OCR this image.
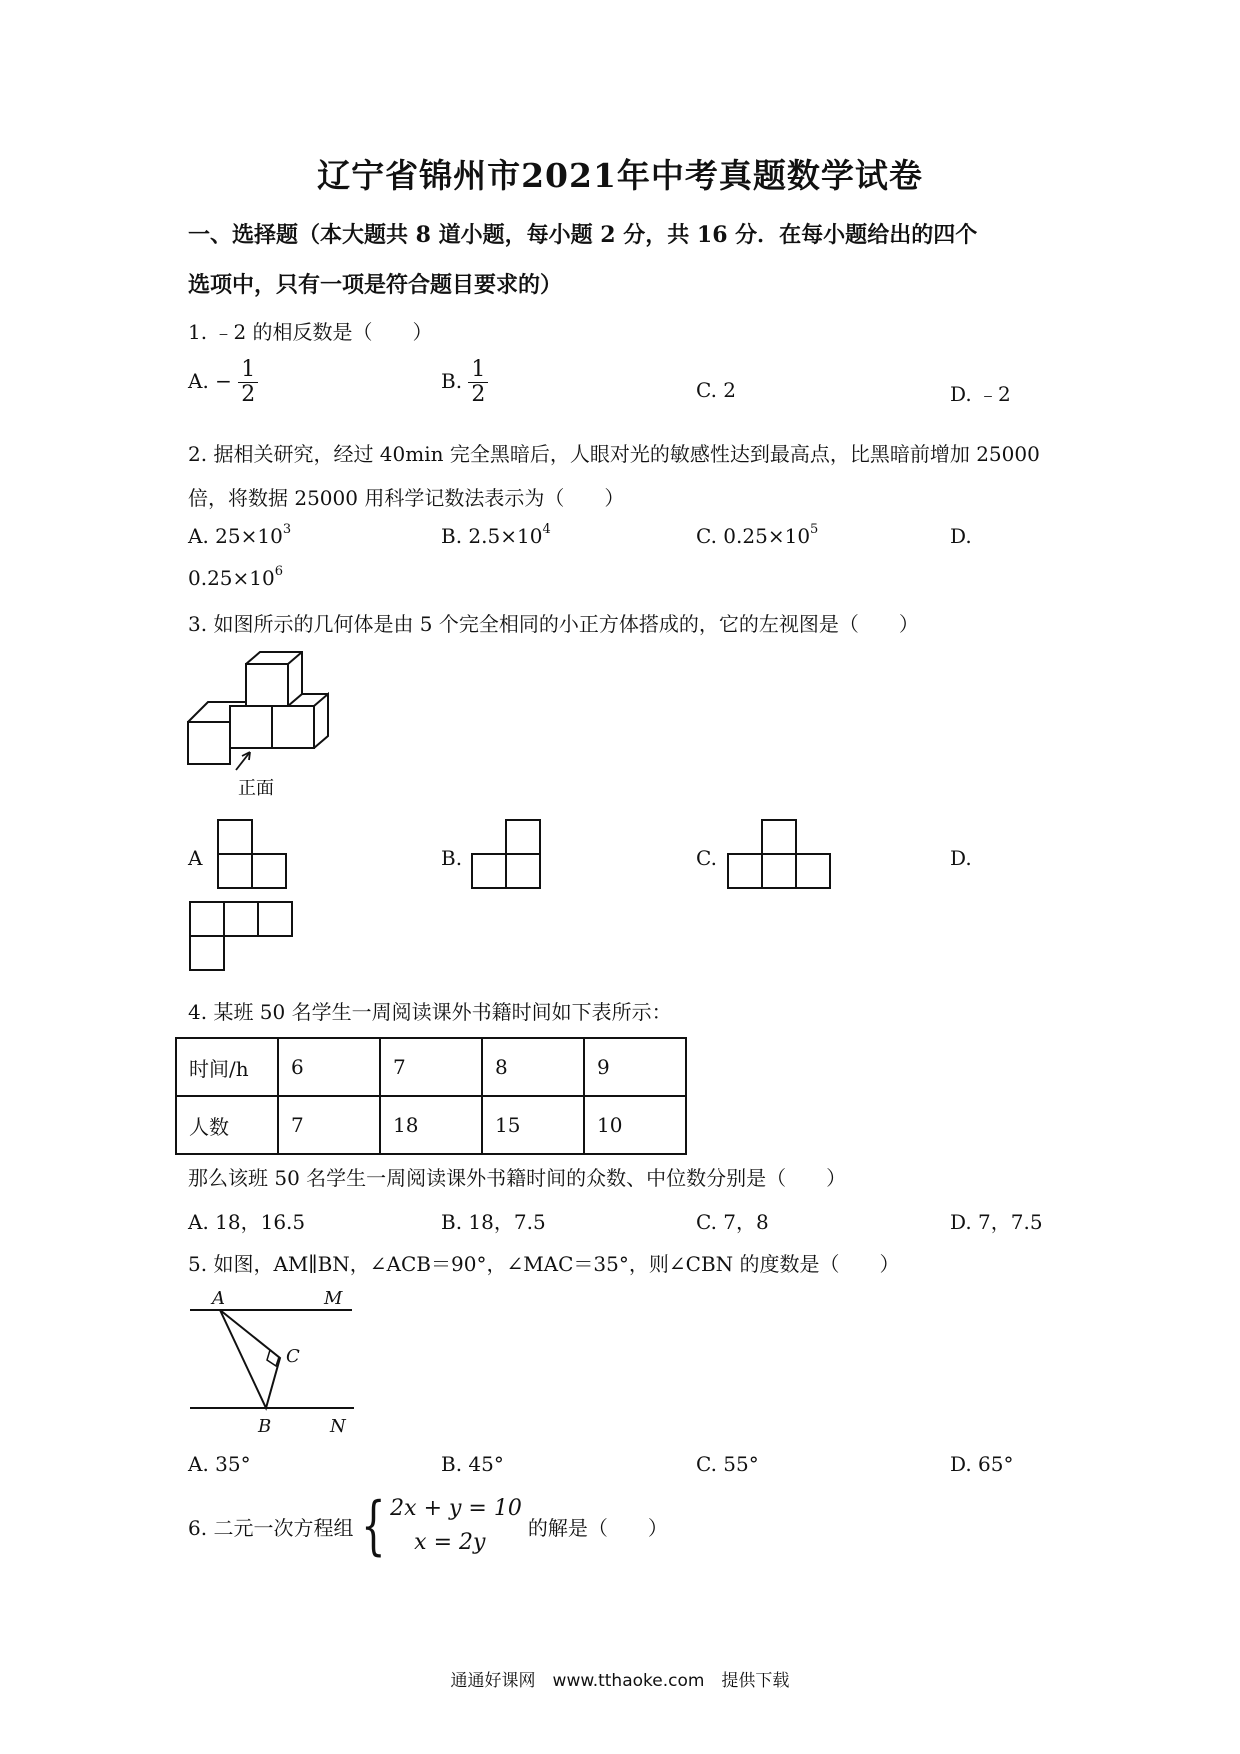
辽宁省锦州市2021年中考真题数学试卷
一、选择题（本大题共 8 道小题，每小题 2 分，共 16 分．在每小题给出的四个
选项中，只有一项是符合题目要求的）
1. ﹣2 的相反数是（　　）
A. − $\frac{1}{2}$	B. $\frac{1}{2}$	C. 2	D. ﹣2
2. 据相关研究，经过 40min 完全黑暗后，人眼对光的敏感性达到最高点，比黑暗前增加 25000
倍，将数据 25000 用科学记数法表示为（　　）
A. $25\times 10^3$	B. $2.5\times 10^4$	C. $0.25\times 10^5$	D.
$0.25\times 10^6$
3. 如图所示的几何体是由 5 个完全相同的小正方体搭成的，它的左视图是（　　）
正面
A	B.	C.	D.
4. 某班 50 名学生一周阅读课外书籍时间如下表所示：
时间/h	6	7	8	9
人数	7	18	15	10
那么该班 50 名学生一周阅读课外书籍时间的众数、中位数分别是（　　）
A. 18，16.5	B. 18，7.5	C. 7，8	D. 7，7.5
5. 如图，AM∥BN，∠ACB＝90°，∠MAC＝35°，则∠CBN 的度数是（　　）
A	M
C
B	N
A. 35°	B. 45°	C. 55°	D. 65°
6. 二元一次方程组 { 2x + y = 10
x = 2y
的解是（　　）
通通好课网　www.tthaoke.com　提供下载
